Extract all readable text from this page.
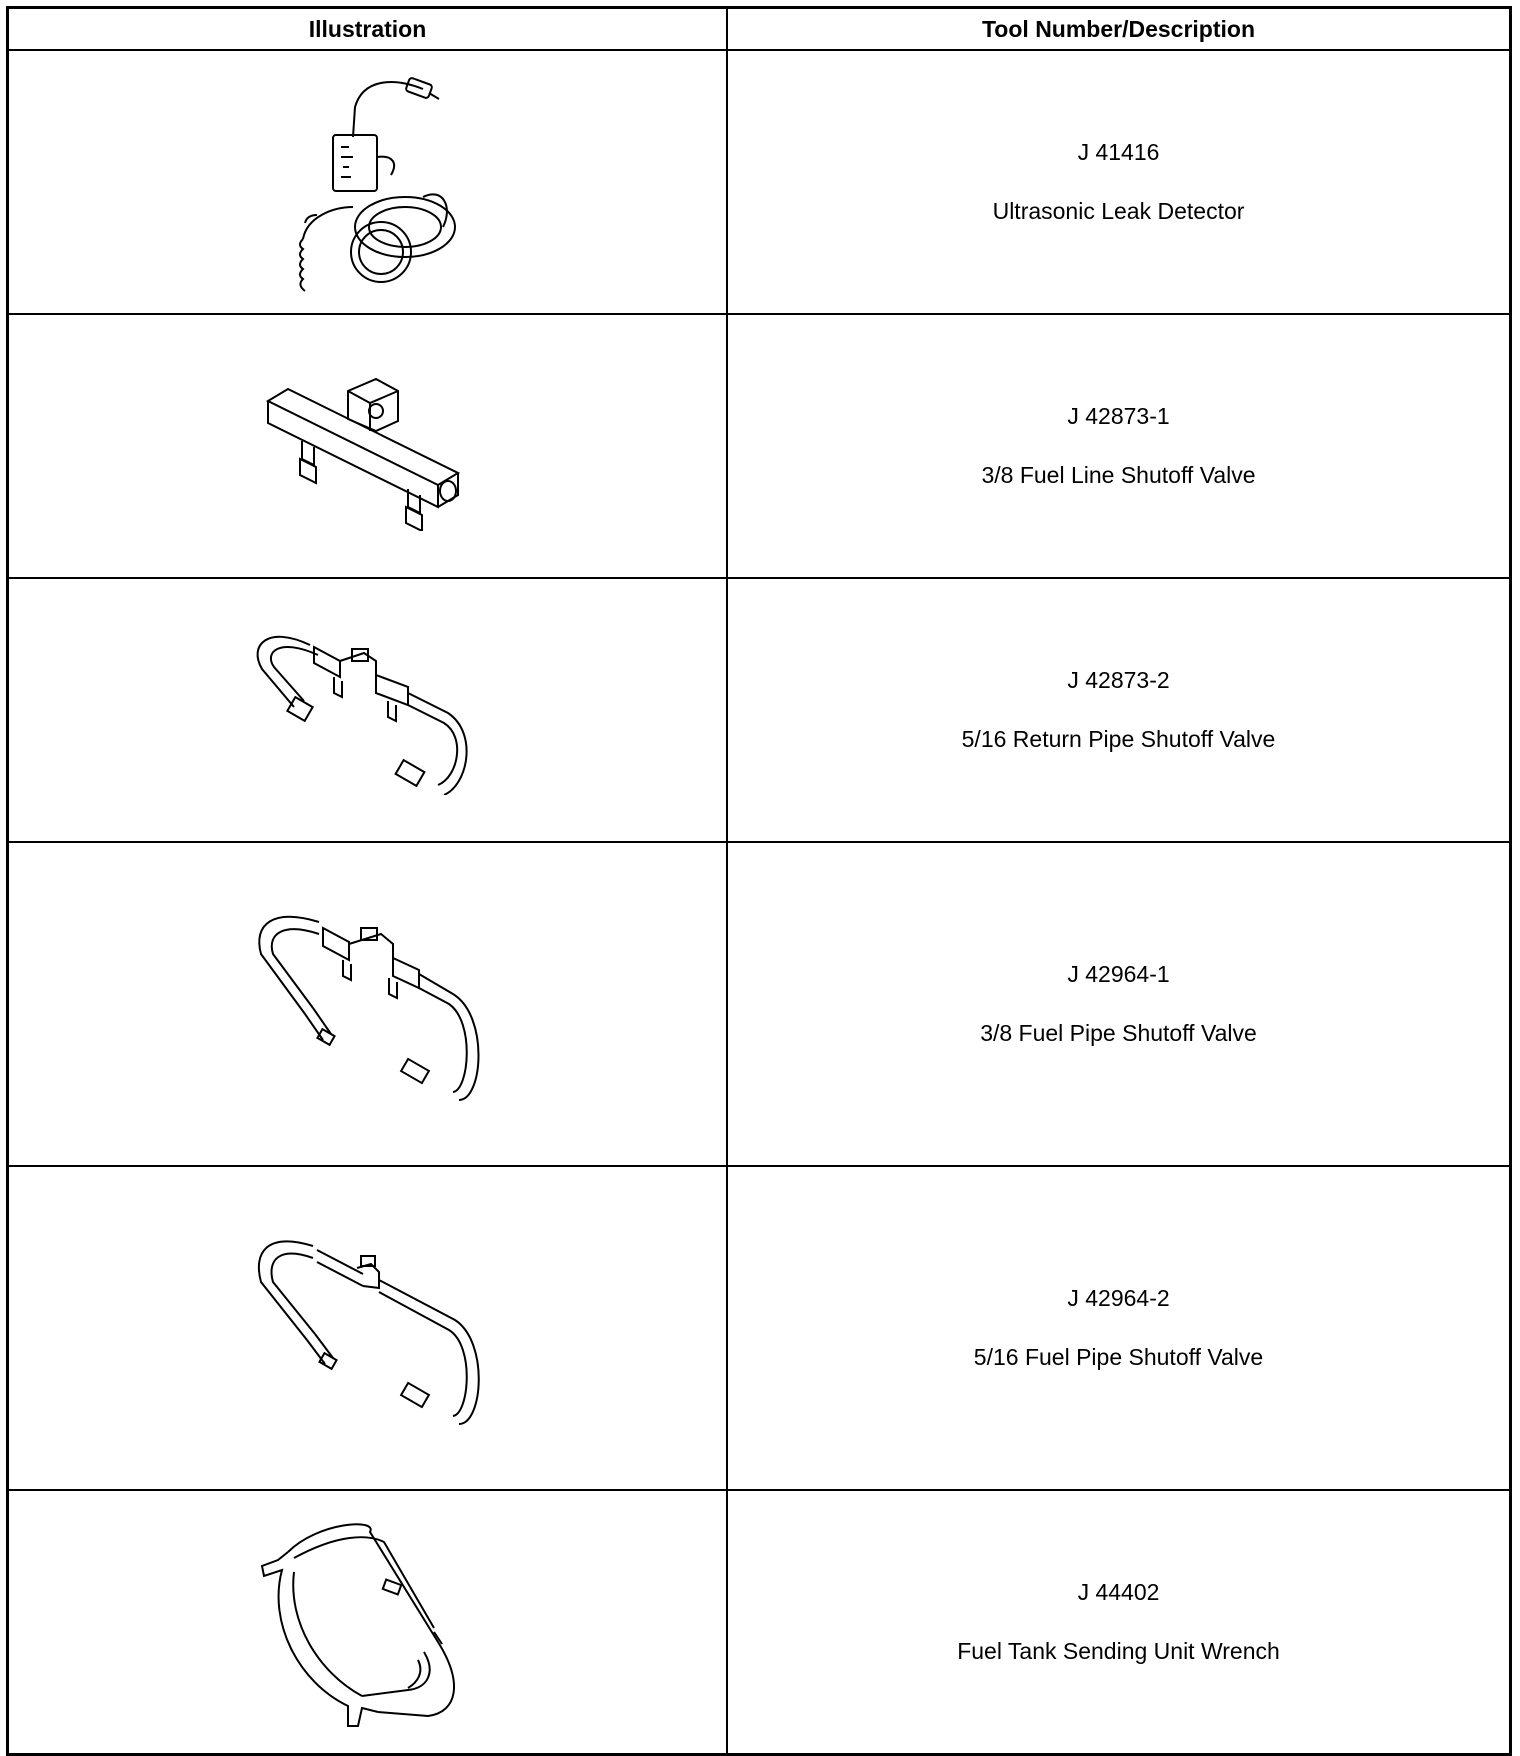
Illustration	Tool Number/Description

J 41416
Ultrasonic Leak Detector

J 42873-1
3/8 Fuel Line Shutoff Valve

J 42873-2
5/16 Return Pipe Shutoff Valve

J 42964-1
3/8 Fuel Pipe Shutoff Valve

J 42964-2
5/16 Fuel Pipe Shutoff Valve

J 44402
Fuel Tank Sending Unit Wrench
